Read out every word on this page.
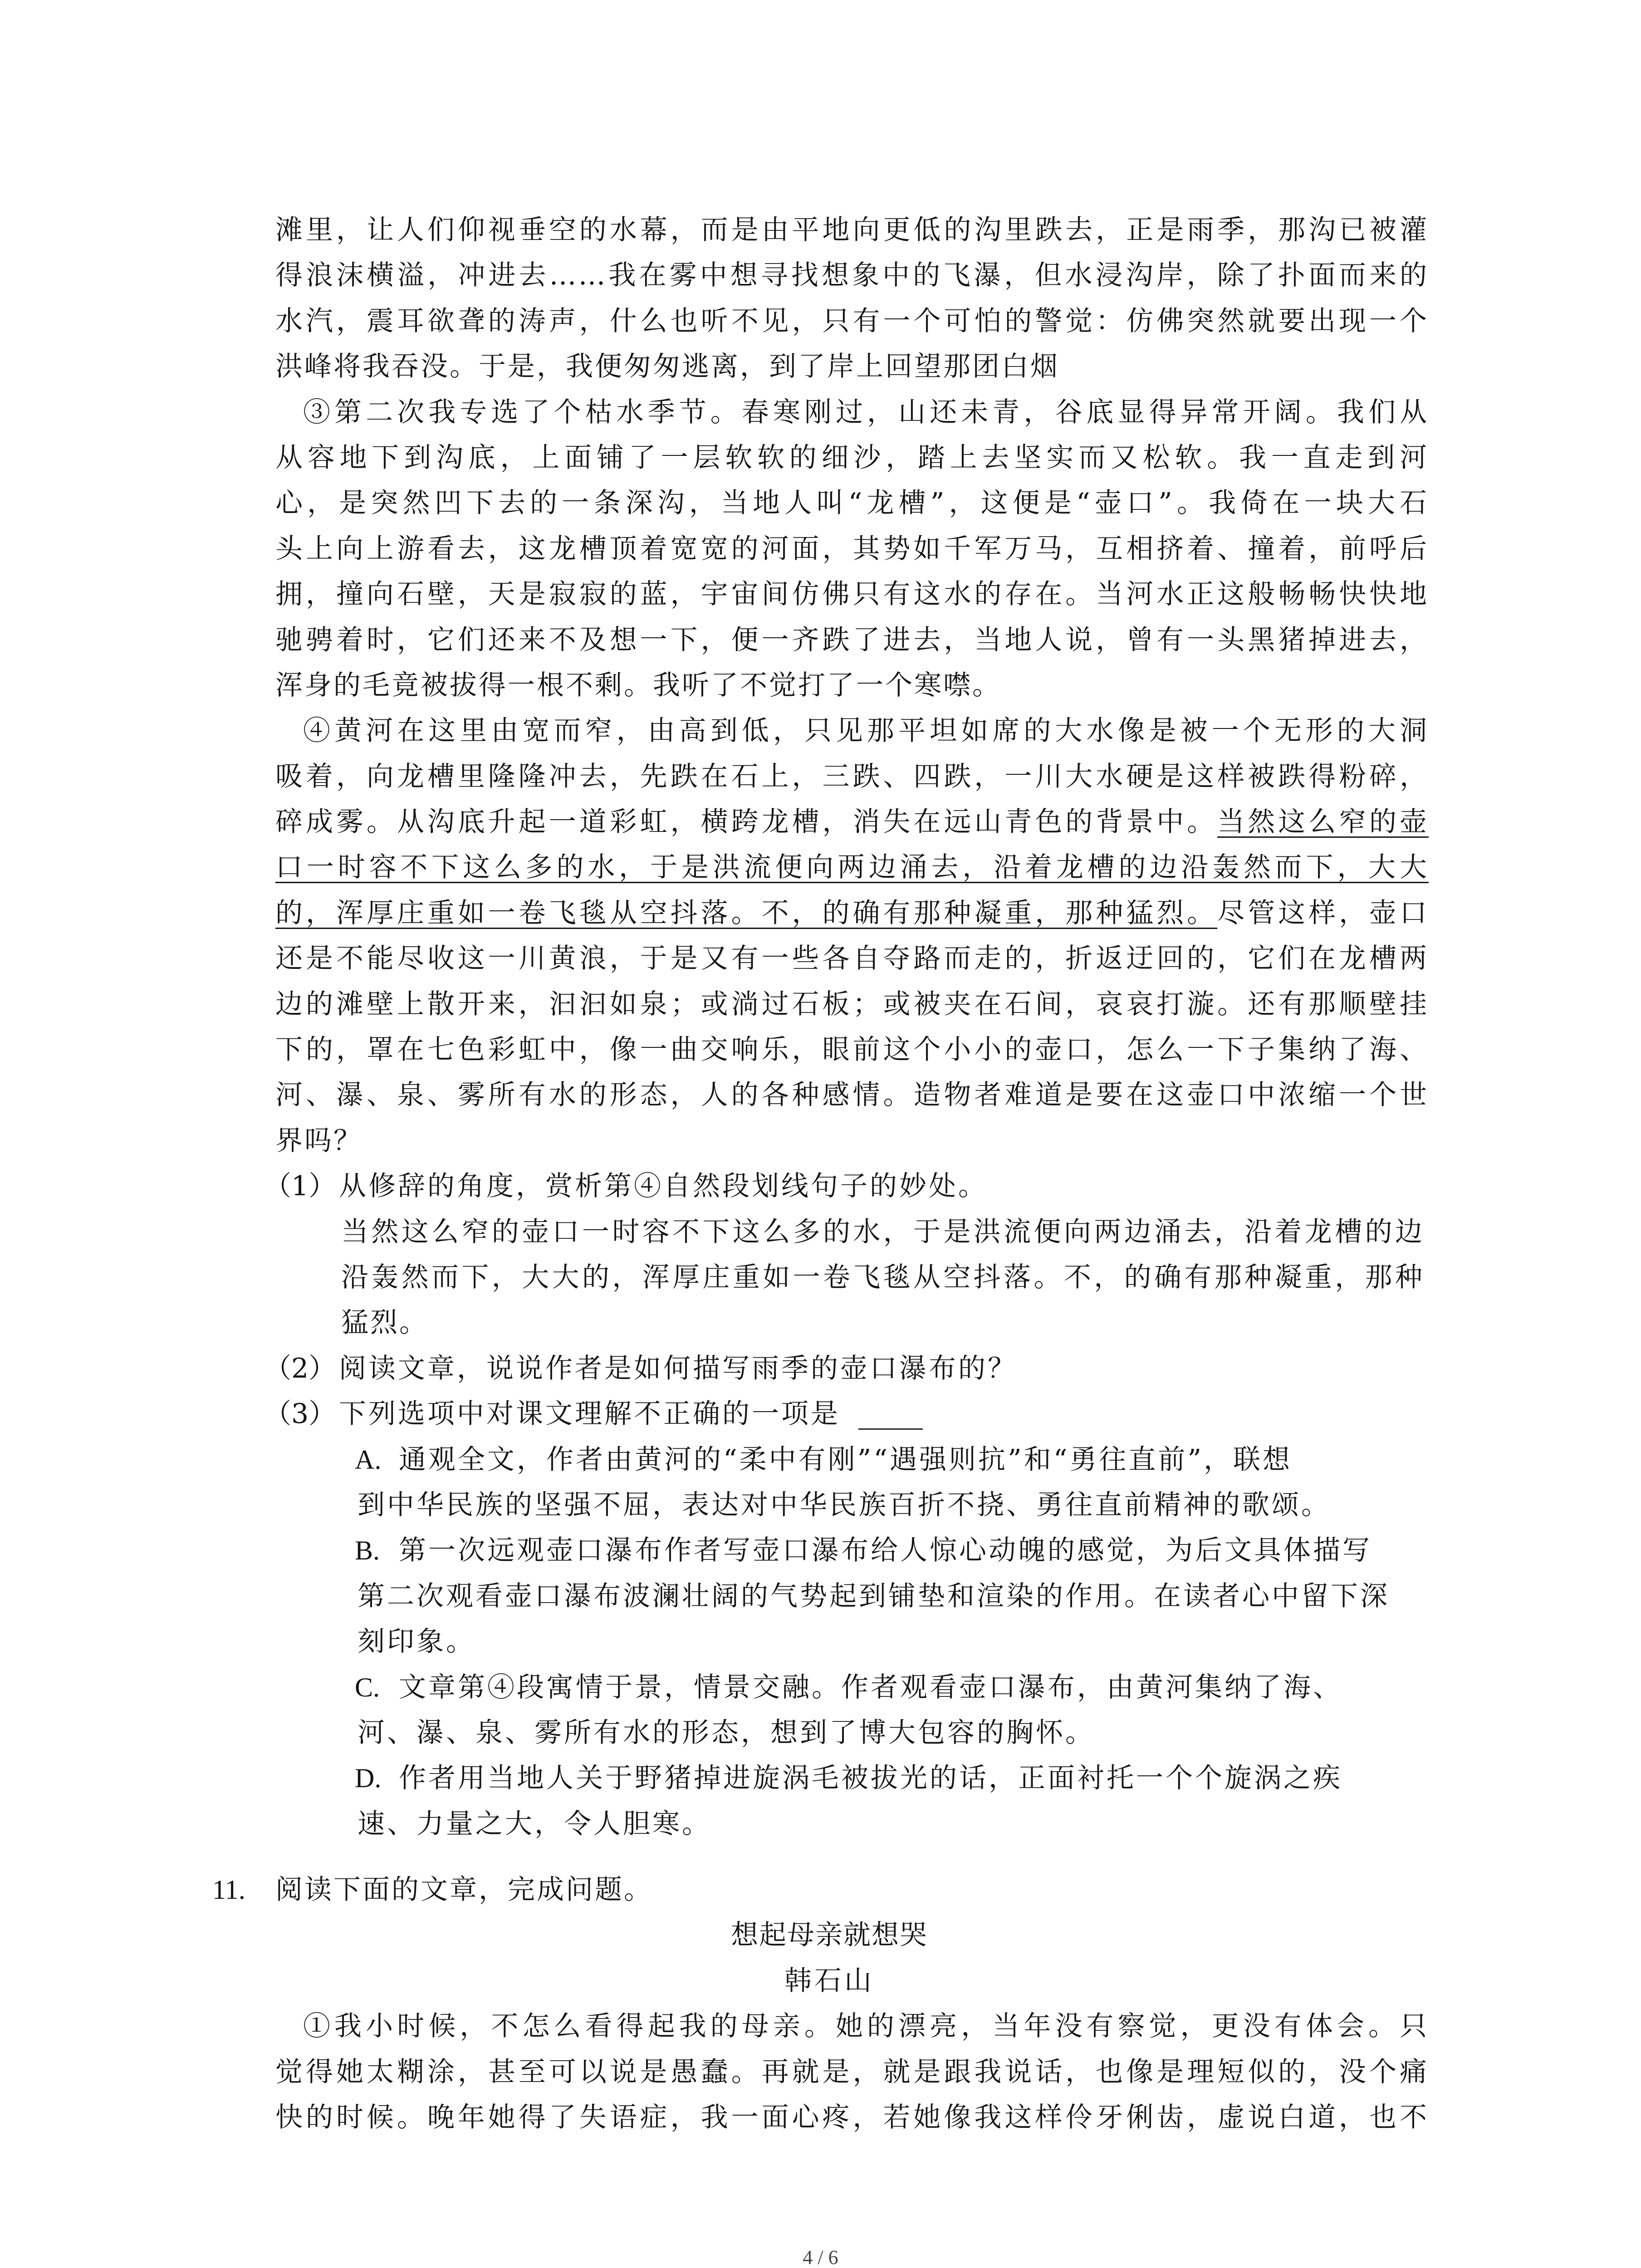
滩里，让人们仰视垂空的水幕，而是由平地向更低的沟里跌去，正是雨季，那沟已被灌
得浪沫横溢，冲进去……我在雾中想寻找想象中的飞瀑，但水浸沟岸，除了扑面而来的
水汽，震耳欲聋的涛声，什么也听不见，只有一个可怕的警觉：仿佛突然就要出现一个
洪峰将我吞没。于是，我便匆匆逃离，到了岸上回望那团白烟
③第二次我专选了个枯水季节。春寒刚过，山还未青，谷底显得异常开阔。我们从
从容地下到沟底，上面铺了一层软软的细沙，踏上去坚实而又松软。我一直走到河
心，是突然凹下去的一条深沟，当地人叫“龙槽”，这便是“壶口”。我倚在一块大石
头上向上游看去，这龙槽顶着宽宽的河面，其势如千军万马，互相挤着、撞着，前呼后
拥，撞向石壁，天是寂寂的蓝，宇宙间仿佛只有这水的存在。当河水正这般畅畅快快地
驰骋着时，它们还来不及想一下，便一齐跌了进去，当地人说，曾有一头黑猪掉进去，
浑身的毛竟被拔得一根不剩。我听了不觉打了一个寒噤。
④黄河在这里由宽而窄，由高到低，只见那平坦如席的大水像是被一个无形的大洞
吸着，向龙槽里隆隆冲去，先跌在石上，三跌、四跌，一川大水硬是这样被跌得粉碎，
碎成雾。从沟底升起一道彩虹，横跨龙槽，消失在远山青色的背景中。当然这么窄的壶
口一时容不下这么多的水，于是洪流便向两边涌去，沿着龙槽的边沿轰然而下，大大
的，浑厚庄重如一卷飞毯从空抖落。不，的确有那种凝重，那种猛烈。尽管这样，壶口
还是不能尽收这一川黄浪，于是又有一些各自夺路而走的，折返迂回的，它们在龙槽两
边的滩壁上散开来，汩汩如泉；或淌过石板；或被夹在石间，哀哀打漩。还有那顺壁挂
下的，罩在七色彩虹中，像一曲交响乐，眼前这个小小的壶口，怎么一下子集纳了海、
河、瀑、泉、雾所有水的形态，人的各种感情。造物者难道是要在这壶口中浓缩一个世
界吗？
（1） 从修辞的角度，赏析第④自然段划线句子的妙处。
当然这么窄的壶口一时容不下这么多的水，于是洪流便向两边涌去，沿着龙槽的边
沿轰然而下，大大的，浑厚庄重如一卷飞毯从空抖落。不，的确有那种凝重，那种
猛烈。
（2） 阅读文章，说说作者是如何描写雨季的壶口瀑布的？
（3） 下列选项中对课文理解不正确的一项是
A. 通观全文，作者由黄河的“柔中有刚”“遇强则抗”和“勇往直前”，联想
到中华民族的坚强不屈，表达对中华民族百折不挠、勇往直前精神的歌颂。
B. 第一次远观壶口瀑布作者写壶口瀑布给人惊心动魄的感觉，为后文具体描写
第二次观看壶口瀑布波澜壮阔的气势起到铺垫和渲染的作用。在读者心中留下深
刻印象。
C. 文章第④段寓情于景，情景交融。作者观看壶口瀑布，由黄河集纳了海、
河、瀑、泉、雾所有水的形态，想到了博大包容的胸怀。
D. 作者用当地人关于野猪掉进旋涡毛被拔光的话，正面衬托一个个旋涡之疾
速、力量之大，令人胆寒。
11. 阅读下面的文章，完成问题。
想起母亲就想哭
韩石山
①我小时候，不怎么看得起我的母亲。她的漂亮，当年没有察觉，更没有体会。只
觉得她太糊涂，甚至可以说是愚蠢。再就是，就是跟我说话，也像是理短似的，没个痛
快的时候。晚年她得了失语症，我一面心疼，若她像我这样伶牙俐齿，虚说白道，也不
4 / 6
